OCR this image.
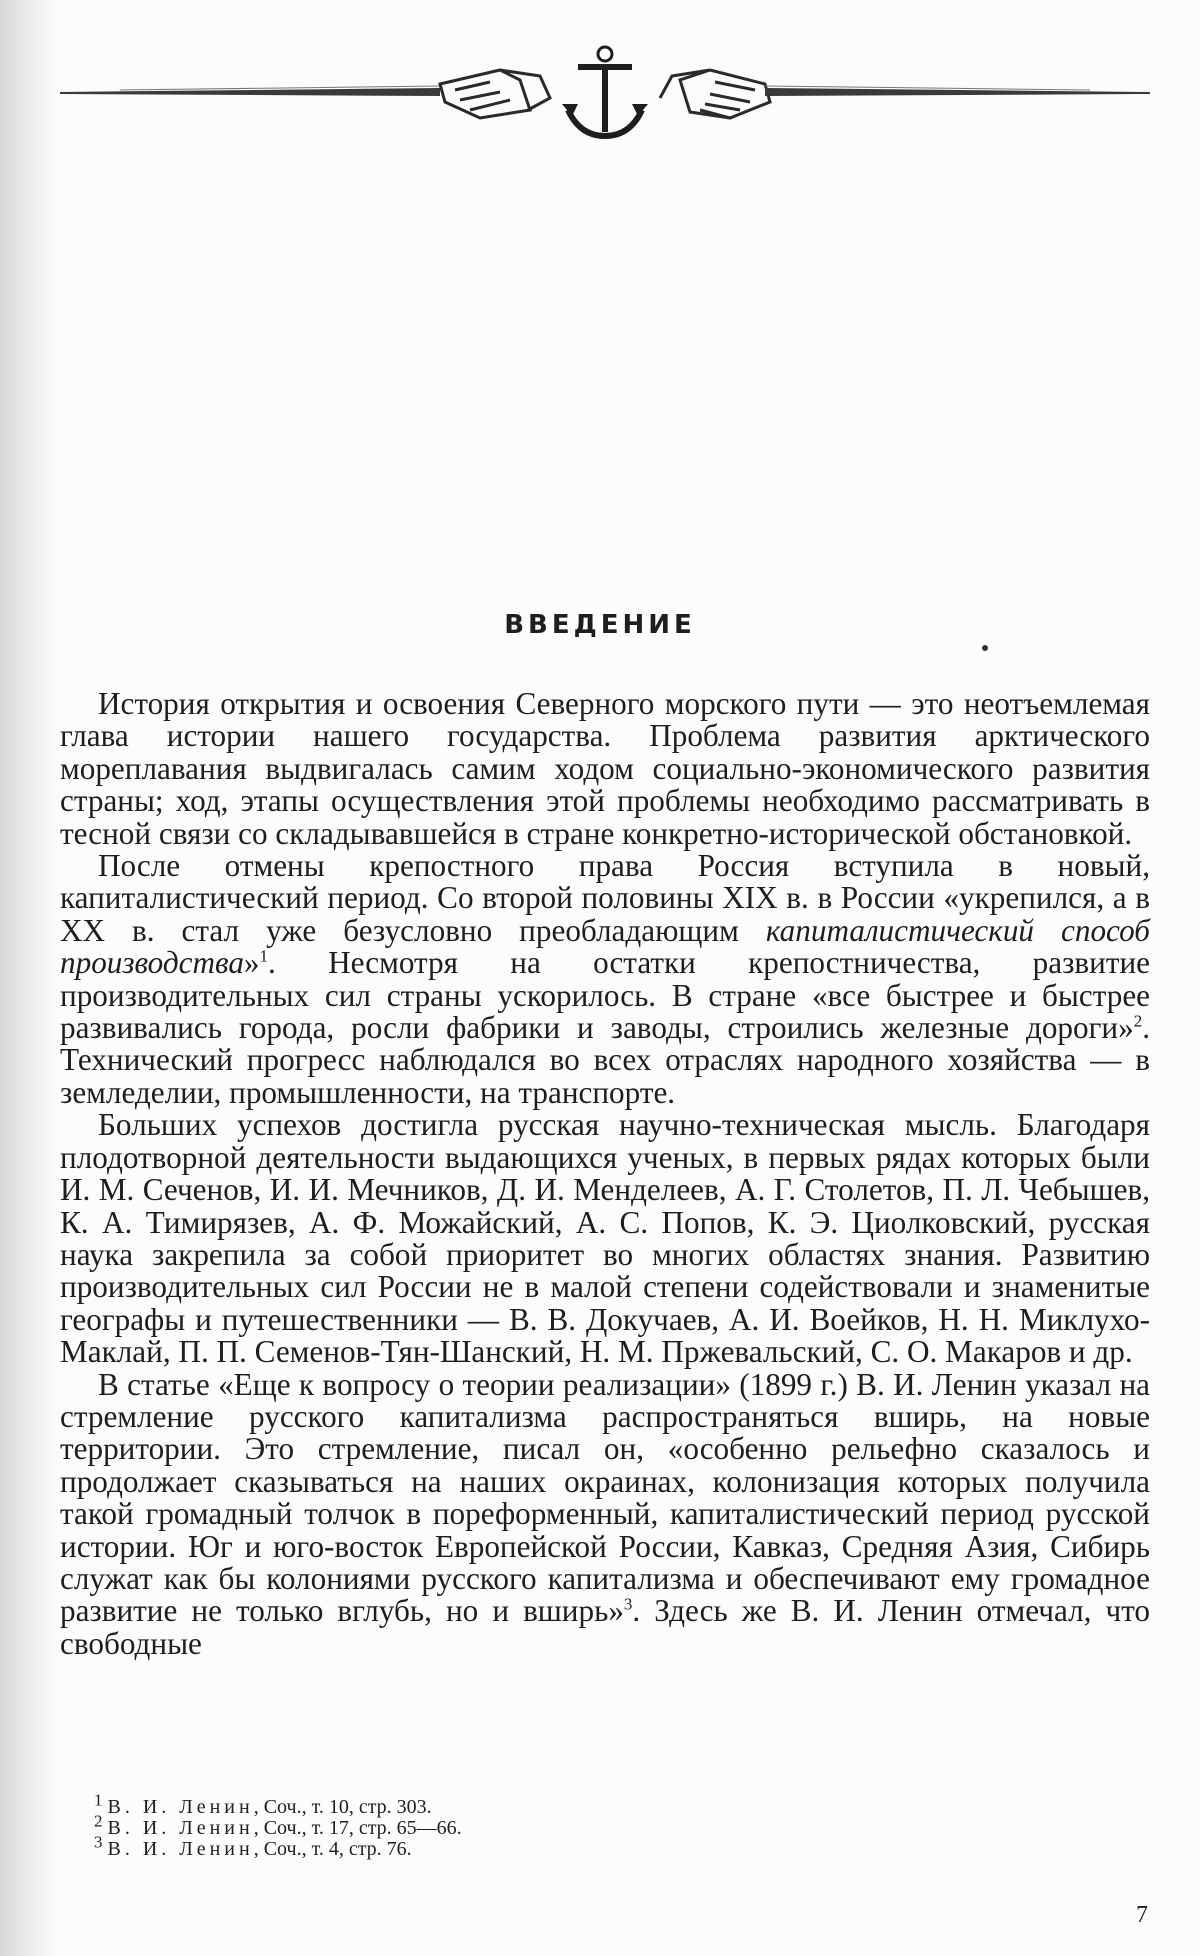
ВВЕДЕНИЕ

История открытия и освоения Северного морского пути — это неотъемлемая глава истории нашего государства. Проблема развития арктического мореплавания выдвигалась самим ходом социально-экономического развития страны; ход, этапы осуществления этой проблемы необходимо рассматривать в тесной связи со складывавшейся в стране конкретно-исторической обстановкой.

После отмены крепостного права Россия вступила в новый, капиталистический период. Со второй половины XIX в. в России «укрепился, а в XX в. стал уже безусловно преобладающим капиталистический способ производства»$^1$. Несмотря на остатки крепостничества, развитие производительных сил страны ускорилось. В стране «все быстрее и быстрее развивались города, росли фабрики и заводы, строились железные дороги»$^2$. Технический прогресс наблюдался во всех отраслях народного хозяйства — в земледелии, промышленности, на транспорте.

Больших успехов достигла русская научно-техническая мысль. Благодаря плодотворной деятельности выдающихся ученых, в первых рядах которых были И. М. Сеченов, И. И. Мечников, Д. И. Менделеев, А. Г. Столетов, П. Л. Чебышев, К. А. Тимирязев, А. Ф. Можайский, А. С. Попов, К. Э. Циолковский, русская наука закрепила за собой приоритет во многих областях знания. Развитию производительных сил России не в малой степени содействовали и знаменитые географы и путешественники — В. В. Докучаев, А. И. Воейков, Н. Н. Миклухо-Маклай, П. П. Семенов-Тян-Шанский, Н. М. Пржевальский, С. О. Макаров и др.

В статье «Еще к вопросу о теории реализации» (1899 г.) В. И. Ленин указал на стремление русского капитализма распространяться вширь, на новые территории. Это стремление, писал он, «особенно рельефно сказалось и продолжает сказываться на наших окраинах, колонизация которых получила такой громадный толчок в пореформенный, капиталистический период русской истории. Юг и юго-восток Европейской России, Кавказ, Средняя Азия, Сибирь служат как бы колониями русского капитализма и обеспечивают ему громадное развитие не только вглубь, но и вширь»$^3$. Здесь же В. И. Ленин отмечал, что свободные

$^1$ В. И. Ленин, Соч., т. 10, стр. 303.
$^2$ В. И. Ленин, Соч., т. 17, стр. 65—66.
$^3$ В. И. Ленин, Соч., т. 4, стр. 76.
7
